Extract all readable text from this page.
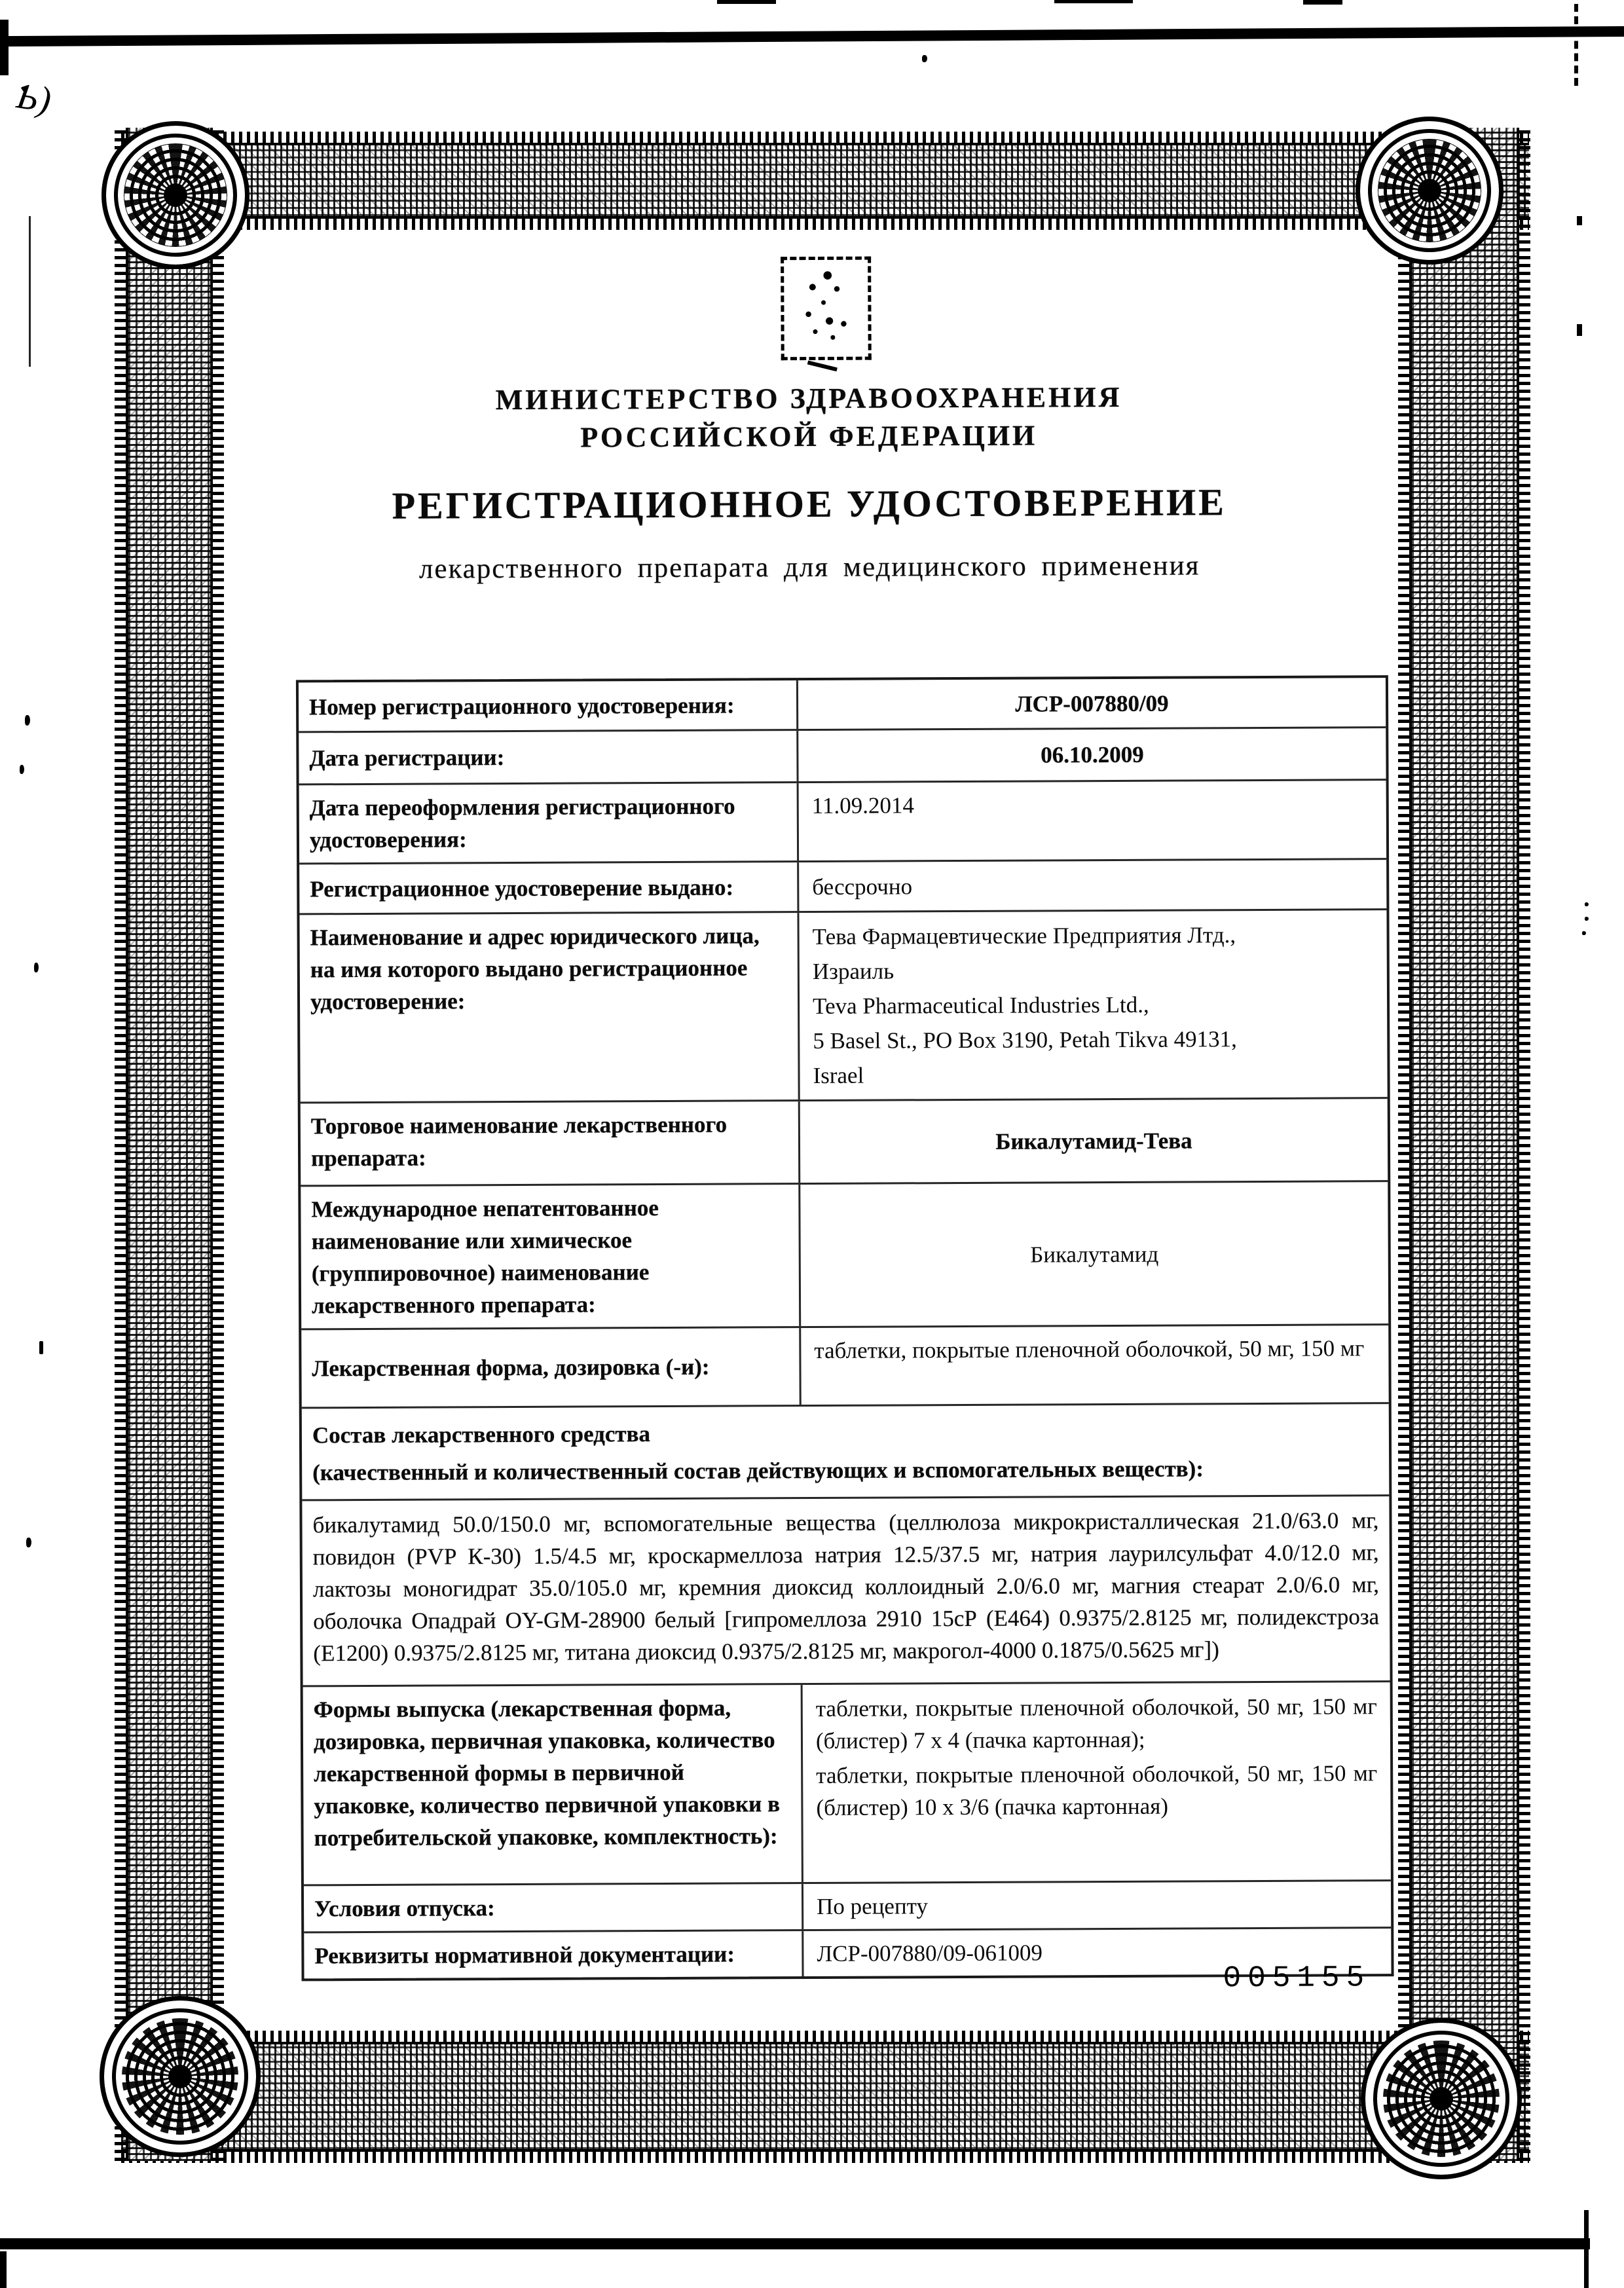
Ƅ)
МИНИСТЕРСТВО ЗДРАВООХРАНЕНИЯ
РОССИЙСКОЙ ФЕДЕРАЦИИ
РЕГИСТРАЦИОННОЕ УДОСТОВЕРЕНИЕ
лекарственного препарата для медицинского применения
Номер регистрационного удостоверения:	ЛСР-007880/09
Дата регистрации:	06.10.2009
Дата переоформления регистрационного удостоверения:
11.09.2014
Регистрационное удостоверение выдано:	бессрочно
Наименование и адрес юридического лица, на имя которого выдано регистрационное удостоверение:
Тева Фармацевтические Предприятия Лтд.,
Израиль
Teva Pharmaceutical Industries Ltd.,
5 Basel St., PO Box 3190, Petah Tikva 49131,
Israel
Торговое наименование лекарственного препарата:
Бикалутамид-Тева
Международное непатентованное наименование или химическое (группировочное) наименование лекарственного препарата:
Бикалутамид
Лекарственная форма, дозировка (-и):
таблетки, покрытые пленочной оболочкой, 50 мг, 150 мг
Состав лекарственного средства
(качественный и количественный состав действующих и вспомогательных веществ):
бикалутамид 50.0/150.0 мг, вспомогательные вещества (целлюлоза микрокристаллическая 21.0/63.0 мг, повидон (PVP К-30) 1.5/4.5 мг, кроскармеллоза натрия 12.5/37.5 мг, натрия лаурилсульфат 4.0/12.0 мг, лактозы моногидрат 35.0/105.0 мг, кремния диоксид коллоидный 2.0/6.0 мг, магния стеарат 2.0/6.0 мг, оболочка Опадрай OY-GM-28900 белый [гипромеллоза 2910 15сР (Е464) 0.9375/2.8125 мг, полидекстроза (Е1200) 0.9375/2.8125 мг, титана диоксид 0.9375/2.8125 мг, макрогол-4000 0.1875/0.5625 мг])
Формы выпуска (лекарственная форма, дозировка, первичная упаковка, количество лекарственной формы в первичной упаковке, количество первичной упаковки в потребительской упаковке, комплектность):
таблетки, покрытые пленочной оболочкой, 50 мг, 150 мг (блистер) 7 х 4 (пачка картонная);
таблетки, покрытые пленочной оболочкой, 50 мг, 150 мг (блистер) 10 х 3/6 (пачка картонная)
Условия отпуска:	По рецепту
Реквизиты нормативной документации:	ЛСР-007880/09-061009
005155
